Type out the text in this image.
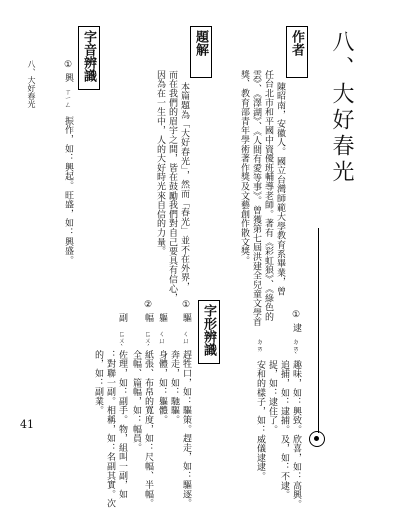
八、大好春光
作者
陳昭南，安徽人。國立台灣師範大學教育系畢業，曾
任台北市和平國中資優班輔導老師。著有《彩虹狼》、《綠色的
雲》、《澤湖》、《人間有愛等事》。曾獲第七屆洪建全兒童文學首
獎、教育部青年學術著作獎及文藝創作散文獎。
題解
本篇題為「大好春光」，然而「春光」並不在外界，
而在我們的眉宇之間，皆在鼓勵我們對自己要具有信心，
因為在一生中，人的大好時光來自信的力量。
字音辨識
①
興
ㄒㄧㄥ
振作，如：興起。旺盛，如：興盛。
八、大好春光
41
字形辨識	①
逮
ㄉㄞˋ
趣味，如：興致。欣喜，如：高興。
追捕，如：逮捕。及，如：不逮。
捉，如：逮住了。
ㄉㄞ
安和的樣子，如：威儀逮逮。
①
驅
ㄑㄩ
趕牲口，如：驅策。趕走，如：驅逐。
奔走，如：馳驅。
軀
ㄑㄩ
身體，如：軀體。
②
幅
ㄈㄨˊ
紙張、布帛的寬度，如：尺幅、半幅。
全幅、篇幅，如：幅員。
副
ㄈㄨˋ
佐理，如：副手。物，組叫一副，如
：對聯一副。相稱，如：名副其實。次
的，如：副業。
